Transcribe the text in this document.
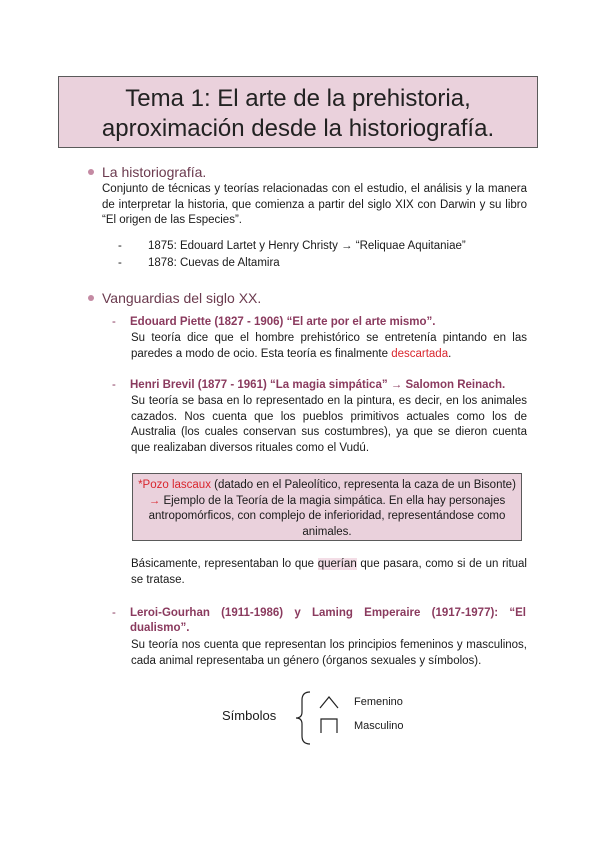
Tema 1: El arte de la prehistoria,
aproximación desde la historiografía.
La historiografía.
Conjunto de técnicas y teorías relacionadas con el estudio, el análisis y la manera de interpretar la historia, que comienza a partir del siglo XIX con Darwin y su libro “El origen de las Especies”.
- 1875: Edouard Lartet y Henry Christy → “Reliquae Aquitaniae”
- 1878: Cuevas de Altamira
Vanguardias del siglo XX.
- Edouard Piette (1827 - 1906) “El arte por el arte mismo”.
Su teoría dice que el hombre prehistórico se entretenía pintando en las paredes a modo de ocio. Esta teoría es finalmente descartada.
- Henri Brevil (1877 - 1961) “La magia simpática” → Salomon Reinach.
Su teoría se basa en lo representado en la pintura, es decir, en los animales cazados. Nos cuenta que los pueblos primitivos actuales como los de Australia (los cuales conservan sus costumbres), ya que se dieron cuenta que realizaban diversos rituales como el Vudú.
*Pozo lascaux (datado en el Paleolítico, representa la caza de un Bisonte) → Ejemplo de la Teoría de la magia simpática. En ella hay personajes antropomórficos, con complejo de inferioridad, representándose como animales.
Básicamente, representaban lo que querían que pasara, como si de un ritual se tratase.
- Leroi-Gourhan (1911-1986) y Laming Emperaire (1917-1977): “El
dualismo”.
Su teoría nos cuenta que representan los principios femeninos y masculinos, cada animal representaba un género (órganos sexuales y símbolos).
Símbolos
Femenino
Masculino
